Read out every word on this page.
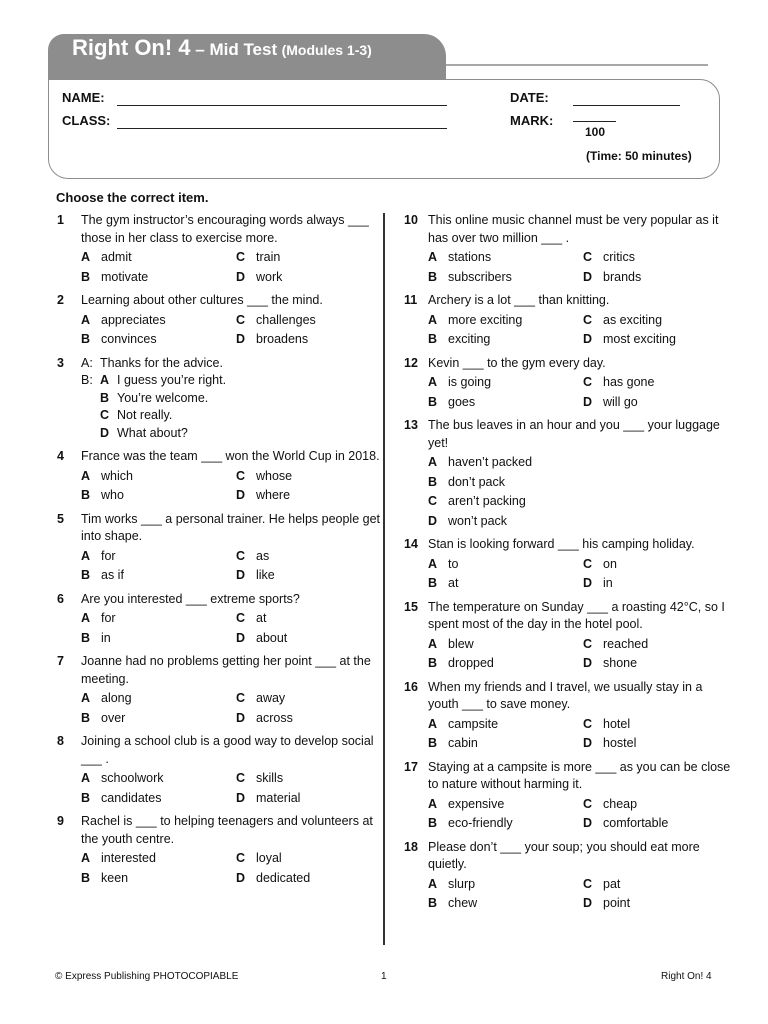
Right On! 4 – Mid Test (Modules 1-3)
NAME:
CLASS:
DATE:
MARK:
100
(Time: 50 minutes)
Choose the correct item.
1	The gym instructor’s encouraging words always ___ those in her class to exercise more.
A admit	C train
B motivate	D work
2	Learning about other cultures ___ the mind.
A appreciates	C challenges
B convinces	D broadens
3	A: Thanks for the advice.
B: A I guess you’re right.
B You’re welcome.
C Not really.
D What about?
4	France was the team ___ won the World Cup in 2018.
A which	C whose
B who	D where
5	Tim works ___ a personal trainer. He helps people get into shape.
A for	C as
B as if	D like
6	Are you interested ___ extreme sports?
A for	C at
B in	D about
7	Joanne had no problems getting her point ___ at the meeting.
A along	C away
B over	D across
8	Joining a school club is a good way to develop social ___ .
A schoolwork	C skills
B candidates	D material
9	Rachel is ___ to helping teenagers and volunteers at the youth centre.
A interested	C loyal
B keen	D dedicated
10 This online music channel must be very popular as it has over two million ___ .
A stations	C critics
B subscribers	D brands
11 Archery is a lot ___ than knitting.
A more exciting	C as exciting
B exciting	D most exciting
12 Kevin ___ to the gym every day.
A is going	C has gone
B goes	D will go
13 The bus leaves in an hour and you ___ your luggage yet!
A haven’t packed
B don’t pack
C aren’t packing
D won’t pack
14 Stan is looking forward ___ his camping holiday.
A to	C on
B at	D in
15 The temperature on Sunday ___ a roasting 42°C, so I spent most of the day in the hotel pool.
A blew	C reached
B dropped	D shone
16 When my friends and I travel, we usually stay in a youth ___ to save money.
A campsite	C hotel
B cabin	D hostel
17 Staying at a campsite is more ___ as you can be close to nature without harming it.
A expensive	C cheap
B eco-friendly	D comfortable
18 Please don’t ___ your soup; you should eat more quietly.
A slurp	C pat
B chew	D point
© Express Publishing PHOTOCOPIABLE	1	Right On! 4
